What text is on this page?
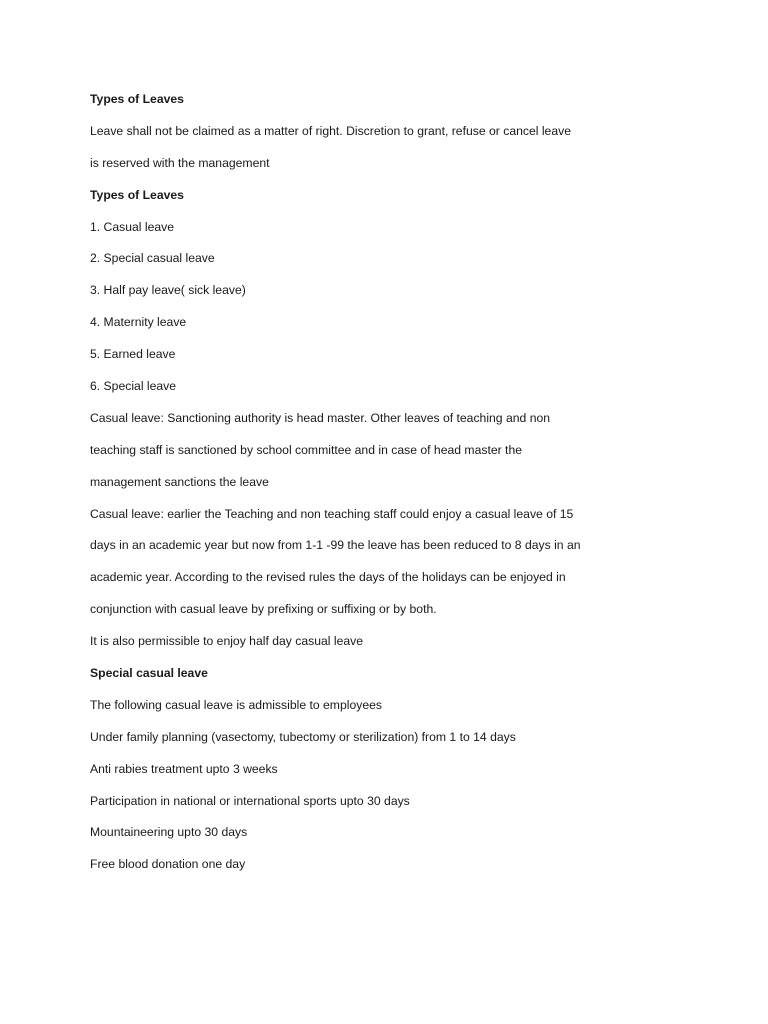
Types of Leaves
Leave shall not be claimed as a matter of right. Discretion to grant, refuse or cancel leave
is reserved with the management
Types of Leaves
1. Casual leave
2. Special casual leave
3. Half pay leave( sick leave)
4. Maternity leave
5. Earned leave
6. Special leave
Casual leave: Sanctioning authority is head master. Other leaves of teaching and non
teaching staff is sanctioned by school committee and in case of head master the
management sanctions the leave
Casual leave: earlier the Teaching and non teaching staff could enjoy a casual leave of 15
days in an academic year but now from 1-1 -99 the leave has been reduced to 8 days in an
academic year. According to the revised rules the days of the holidays can be enjoyed in
conjunction with casual leave by prefixing or suffixing or by both.
It is also permissible to enjoy half day casual leave
Special casual leave
The following casual leave is admissible to employees
Under family planning (vasectomy, tubectomy or sterilization) from 1 to 14 days
Anti rabies treatment upto 3 weeks
Participation in national or international sports upto 30 days
Mountaineering upto 30 days
Free blood donation one day
